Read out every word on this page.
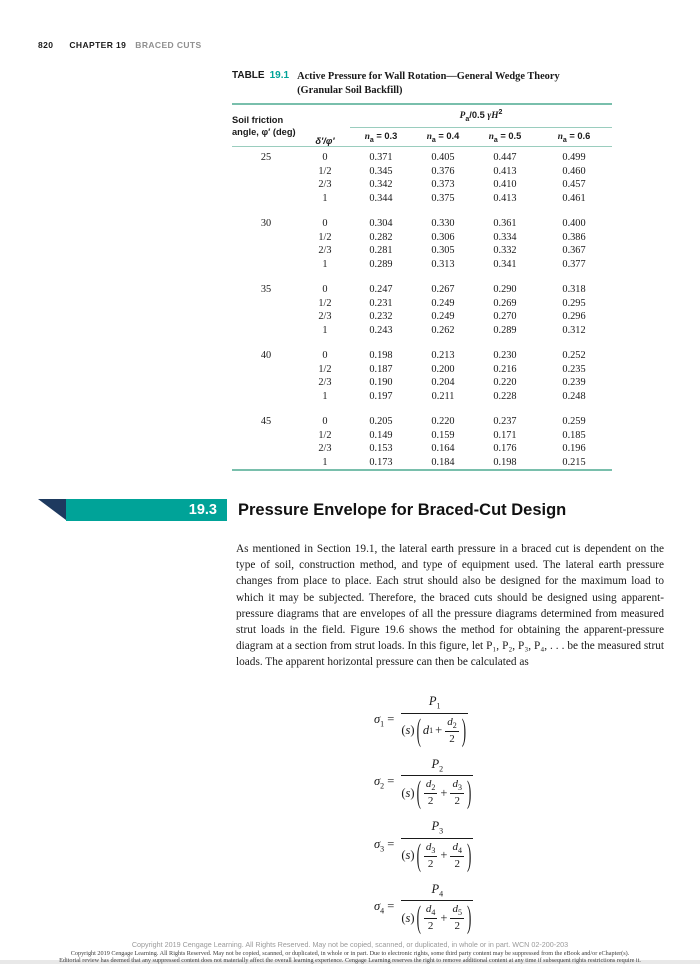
820 CHAPTER 19 BRACED CUTS
TABLE 19.1 Active Pressure for Wall Rotation—General Wedge Theory
(Granular Soil Backfill)
Soil friction
angle, φ′ (deg)	δ′/φ′	$P_a/0.5$ $\gamma H^2$
		$n_a = 0.3$	$n_a = 0.4$	$n_a = 0.5$	$n_a = 0.6$
25	0	0.371	0.405	0.447	0.499
	1/2	0.345	0.376	0.413	0.460
	2/3	0.342	0.373	0.410	0.457
	1	0.344	0.375	0.413	0.461

30	0	0.304	0.330	0.361	0.400
	1/2	0.282	0.306	0.334	0.386
	2/3	0.281	0.305	0.332	0.367
	1	0.289	0.313	0.341	0.377

35	0	0.247	0.267	0.290	0.318
	1/2	0.231	0.249	0.269	0.295
	2/3	0.232	0.249	0.270	0.296
	1	0.243	0.262	0.289	0.312

40	0	0.198	0.213	0.230	0.252
	1/2	0.187	0.200	0.216	0.235
	2/3	0.190	0.204	0.220	0.239
	1	0.197	0.211	0.228	0.248

45	0	0.205	0.220	0.237	0.259
	1/2	0.149	0.159	0.171	0.185
	2/3	0.153	0.164	0.176	0.196
	1	0.173	0.184	0.198	0.215
19.3	Pressure Envelope for Braced-Cut Design
As mentioned in Section 19.1, the lateral earth pressure in a braced cut is dependent on the type of soil, construction method, and type of equipment used. The lateral earth pressure changes from place to place. Each strut should also be designed for the maximum load to which it may be subjected. Therefore, the braced cuts should be designed using apparent-pressure diagrams that are envelopes of all the pressure diagrams determined from measured strut loads in the field. Figure 19.6 shows the method for obtaining the apparent-pressure diagram at a section from strut loads. In this figure, let P₁, P₂, P₃, P₄, . . . be the measured strut loads. The apparent horizontal pressure can then be calculated as
$\sigma_1 = \frac{P_1}{( s ) ( d 1 + \frac{d_2}{2} )}$
$\sigma_2 = P_2$
( s ) ( $d_2$
2
+ $\frac{d_3}{2}$ )
$\sigma_3 = P_3$
( s ) ( $d_3$
2
+ $\frac{d_4}{2}$ )
$\sigma_4 = P_4$
( s ) ( $d_4$
2
+ $\frac{d_5}{2}$ )
Copyright 2019 Cengage Learning. All Rights Reserved. May not be copied, scanned, or duplicated, in whole or in part. WCN 02-200-203
Copyright 2019 Cengage Learning. All Rights Reserved. May not be copied, scanned, or duplicated, in whole or in part. Due to electronic rights, some third party content may be suppressed from the eBook and/or eChapter(s).
Editorial review has deemed that any suppressed content does not materially affect the overall learning experience. Cengage Learning reserves the right to remove additional content at any time if subsequent rights restrictions require it.
